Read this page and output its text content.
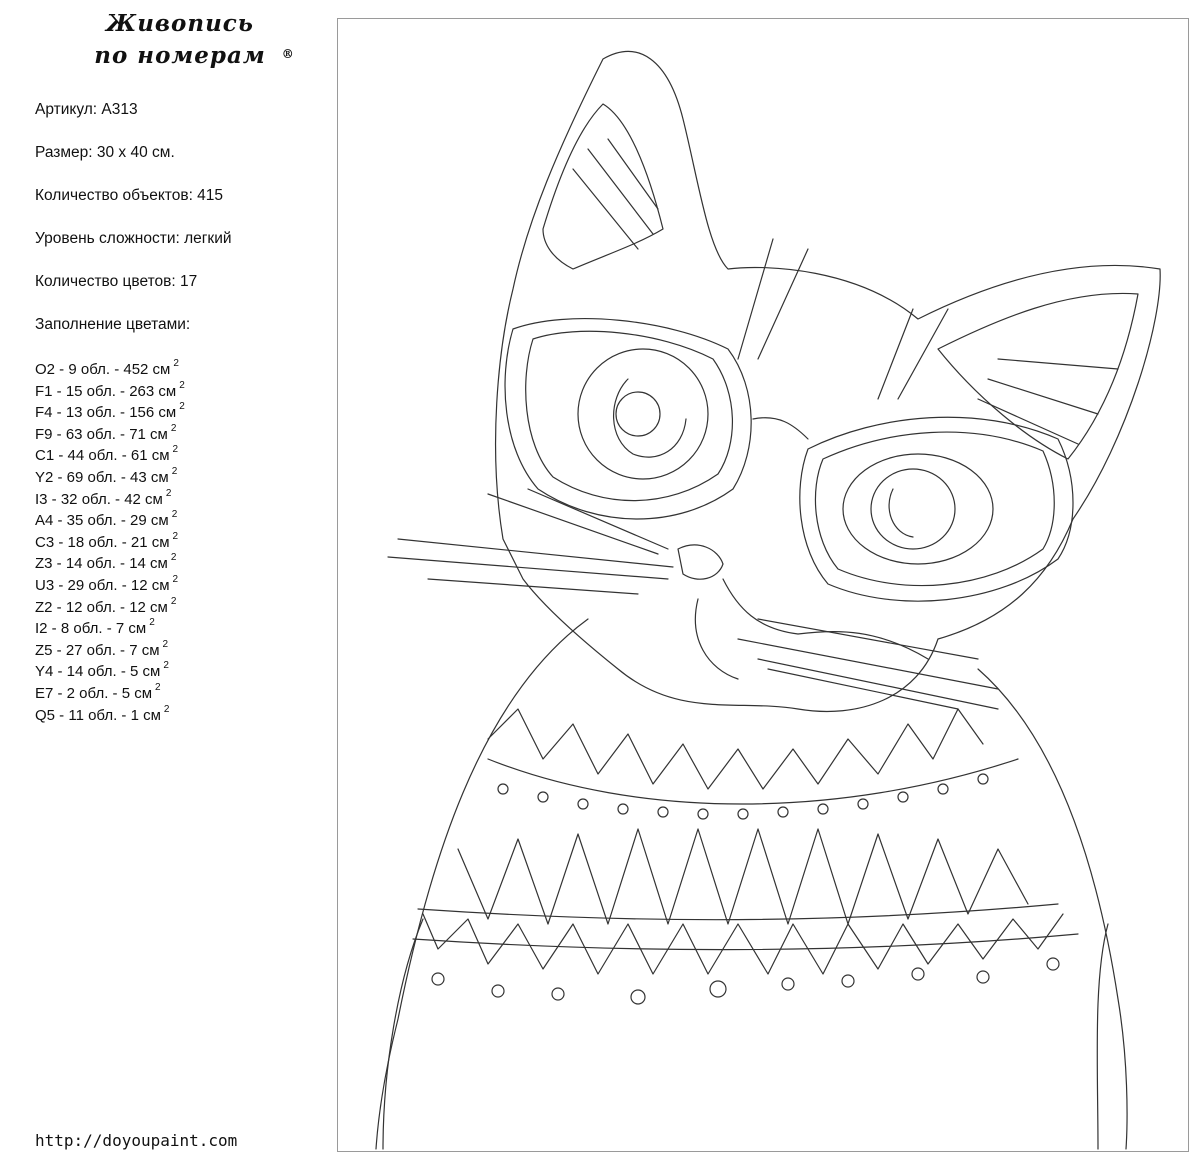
Живопись
по номерам ®
Артикул: A313
Размер: 30 х 40 см.
Количество объектов: 415
Уровень сложности: легкий
Количество цветов: 17
Заполнение цветами:
O2 - 9 обл. - 452 см $^2$
F1 - 15 обл. - 263 см $^2$
F4 - 13 обл. - 156 см $^2$
F9 - 63 обл. - 71 см $^2$
C1 - 44 обл. - 61 см $^2$
Y2 - 69 обл. - 43 см $^2$
I3 - 32 обл. - 42 см $^2$
A4 - 35 обл. - 29 см $^2$
C3 - 18 обл. - 21 см $^2$
Z3 - 14 обл. - 14 см $^2$
U3 - 29 обл. - 12 см $^2$
Z2 - 12 обл. - 12 см $^2$
I2 - 8 обл. - 7 см $^2$
Z5 - 27 обл. - 7 см $^2$
Y4 - 14 обл. - 5 см $^2$
E7 - 2 обл. - 5 см $^2$
Q5 - 11 обл. - 1 см $^2$
http://doyoupaint.com
